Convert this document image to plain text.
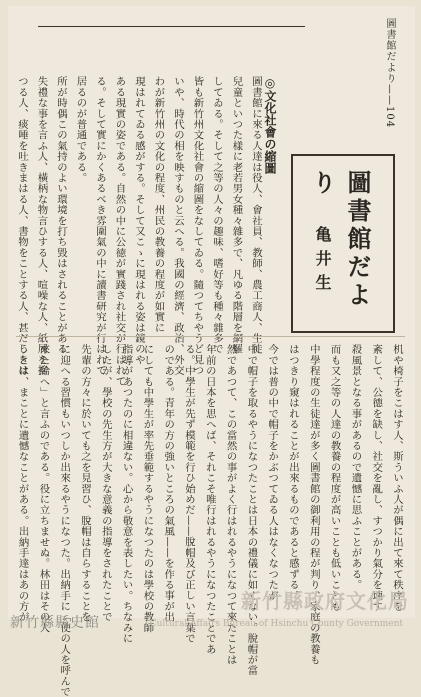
圖書館だより——104
圖書館だより
亀井生
圖書館に來る人達は役人、會社員、教師、農工商人、生徒
兒童といつた樣に老若男女種々雜多で、凡ゆる階層を網羅
してゐる。そして之等の人々の趣味、嗜好等も種々雜多で
皆も新竹州文化社會の縮圖をなしてゐる。隨つてちやうど見つ
いや、時代の相を映すものと云へる。我國の經濟、政治、外交
わが新竹州の文化の程度、州民の教養の程度が如實に
現はれてゐる感がする。そして又こゝに現はれる姿は鏡のや
ある現實の姿である。自然の中に公徳が實踐され社交が行はれて
る。そして實にかくあるべき雰圍氣の中に讀書研究が行はれて
居るのが普通である。
所が時偶この氣持のよい環境を打ち毀はされることがある
失禮な事を言ふ人、橫柄な物言ひする人、喧噪な人、紙屑を捨
つる人、痰唾を吐きまはる人、書物をことする人、甚だしきは
机や椅子をこはす人、斯ういふ人が偶に出て來て秩序を
紊して、公德を缺し、社交を亂し、すつかり氣分を壊す
殺風景となる事があるので遺憾に思ふことがある。
而も又之等の人達の教養の程度が高いことも低いことも
中學程度の生徒達が多く圖書館の御利用の程が判り、家庭の教養も
はつきり窺はれることが出來るものであると感ずる。
今では普の中で帽子をかぶつてゐる人はなくなつたが、
中で帽子を取るやうになつたことは日本の禮儀に如くない。脫帽が當
然であつて、この當然の事がよく行はれるやうになつて來たことは
年前の日本を思へば、それこそ唯行はれるやうになつたことであ
る。中學生が先ず模範を行ひ始めだ——脫帽及び正しい言葉で
のである。青年の方の強いところの氣風——を作る事が出
にしても中學生が率先垂範するやうになつたのは學校の教師
指導があつたのに相違ない。心から敬意を表したい。ちなみに
したが、學校の先生方が大きな意義の指導をされたことで
先輩の方々に於いても之を見習ひ、脫帽は自らすることを
に迎へる習慣もいつしか出來るやうになつた。出納手に「使の人を呼んで
來た給へ」と言ふのである。役に立ちませぬ。林田はその人
うとは、まことに遺憾なことがある。出納手達はあの方が
◎文化社會の縮圖
新竹縣縣史館
新竹縣政府文化局
Cultural Affairs Bureau of Hsinchu County Government
